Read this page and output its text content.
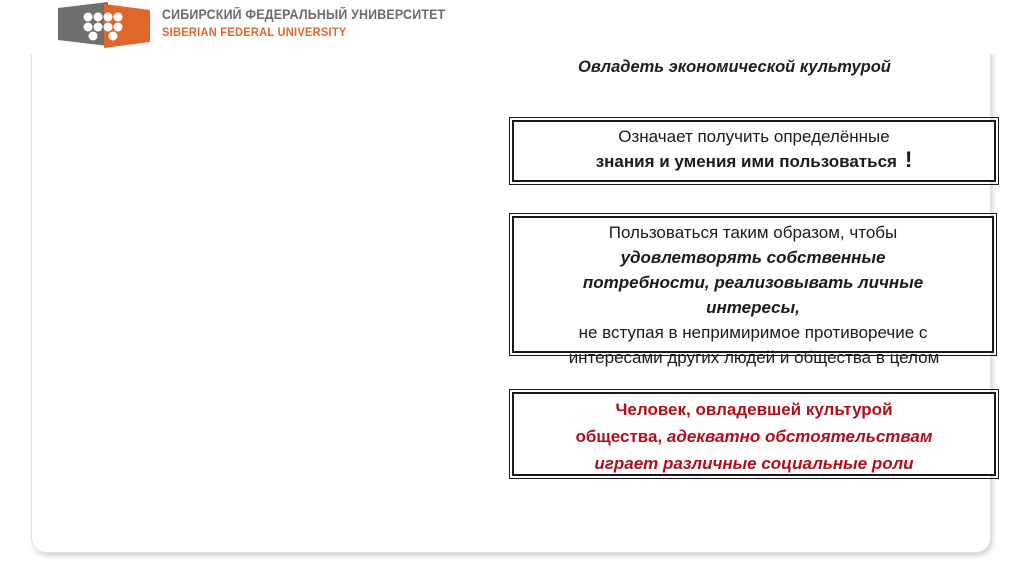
СИБИРСКИЙ ФЕДЕРАЛЬНЫЙ УНИВЕРСИТЕТ
SIBERIAN FEDERAL UNIVERSITY
Овладеть экономической культурой
Означает получить определённые
знания и умения ими пользоваться !
Пользоваться таким образом, чтобы
удовлетворять собственные
потребности, реализовывать личные
интересы,
не вступая в непримиримое противоречие с
интересами других людей и общества в целом
Человек, овладевшей культурой
общества, адекватно обстоятельствам
играет различные социальные роли
